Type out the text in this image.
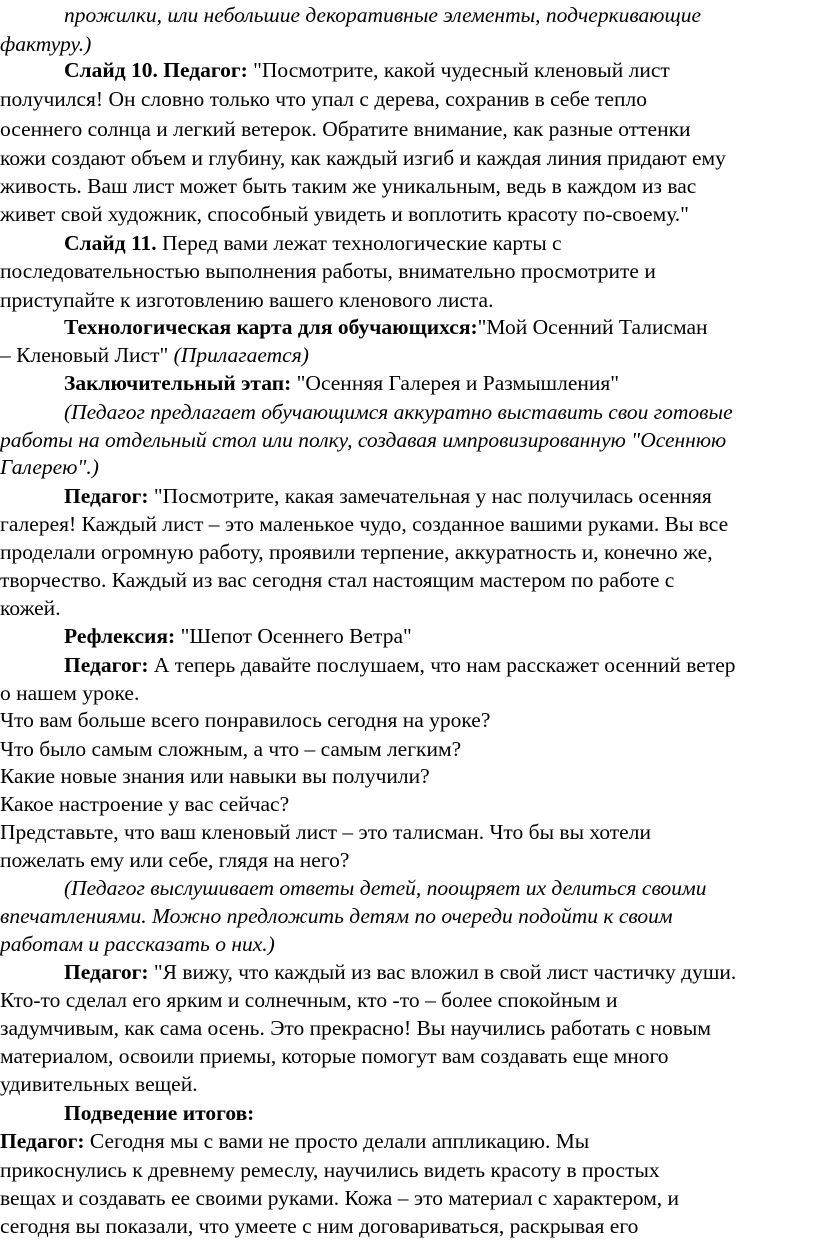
прожилки, или небольшие декоративные элементы, подчеркивающие
фактуру.)
Слайд 10. Педагог: "Посмотрите, какой чудесный кленовый лист
получился! Он словно только что упал с дерева, сохранив в себе тепло
осеннего солнца и легкий ветерок. Обратите внимание, как разные оттенки
кожи создают объем и глубину, как каждый изгиб и каждая линия придают ему
живость. Ваш лист может быть таким же уникальным, ведь в каждом из вас
живет свой художник, способный увидеть и воплотить красоту по-своему."
Слайд 11. Перед вами лежат технологические карты с
последовательностью выполнения работы, внимательно просмотрите и
приступайте к изготовлению вашего кленового листа.
Технологическая карта для обучающихся:"Мой Осенний Талисман
– Кленовый Лист" (Прилагается)
Заключительный этап: "Осенняя Галерея и Размышления"
(Педагог предлагает обучающимся аккуратно выставить свои готовые
работы на отдельный стол или полку, создавая импровизированную "Осеннюю
Галерею".)
Педагог: "Посмотрите, какая замечательная у нас получилась осенняя
галерея! Каждый лист – это маленькое чудо, созданное вашими руками. Вы все
проделали огромную работу, проявили терпение, аккуратность и, конечно же,
творчество. Каждый из вас сегодня стал настоящим мастером по работе с
кожей.
Рефлексия: "Шепот Осеннего Ветра"
Педагог: А теперь давайте послушаем, что нам расскажет осенний ветер
о нашем уроке.
Что вам больше всего понравилось сегодня на уроке?
Что было самым сложным, а что – самым легким?
Какие новые знания или навыки вы получили?
Какое настроение у вас сейчас?
Представьте, что ваш кленовый лист – это талисман. Что бы вы хотели
пожелать ему или себе, глядя на него?
(Педагог выслушивает ответы детей, поощряет их делиться своими
впечатлениями. Можно предложить детям по очереди подойти к своим
работам и рассказать о них.)
Педагог: "Я вижу, что каждый из вас вложил в свой лист частичку души.
Кто-то сделал его ярким и солнечным, кто -то – более спокойным и
задумчивым, как сама осень. Это прекрасно! Вы научились работать с новым
материалом, освоили приемы, которые помогут вам создавать еще много
удивительных вещей.
Подведение итогов:
Педагог: Сегодня мы с вами не просто делали аппликацию. Мы
прикоснулись к древнему ремеслу, научились видеть красоту в простых
вещах и создавать ее своими руками. Кожа – это материал с характером, и
сегодня вы показали, что умеете с ним договариваться, раскрывая его
